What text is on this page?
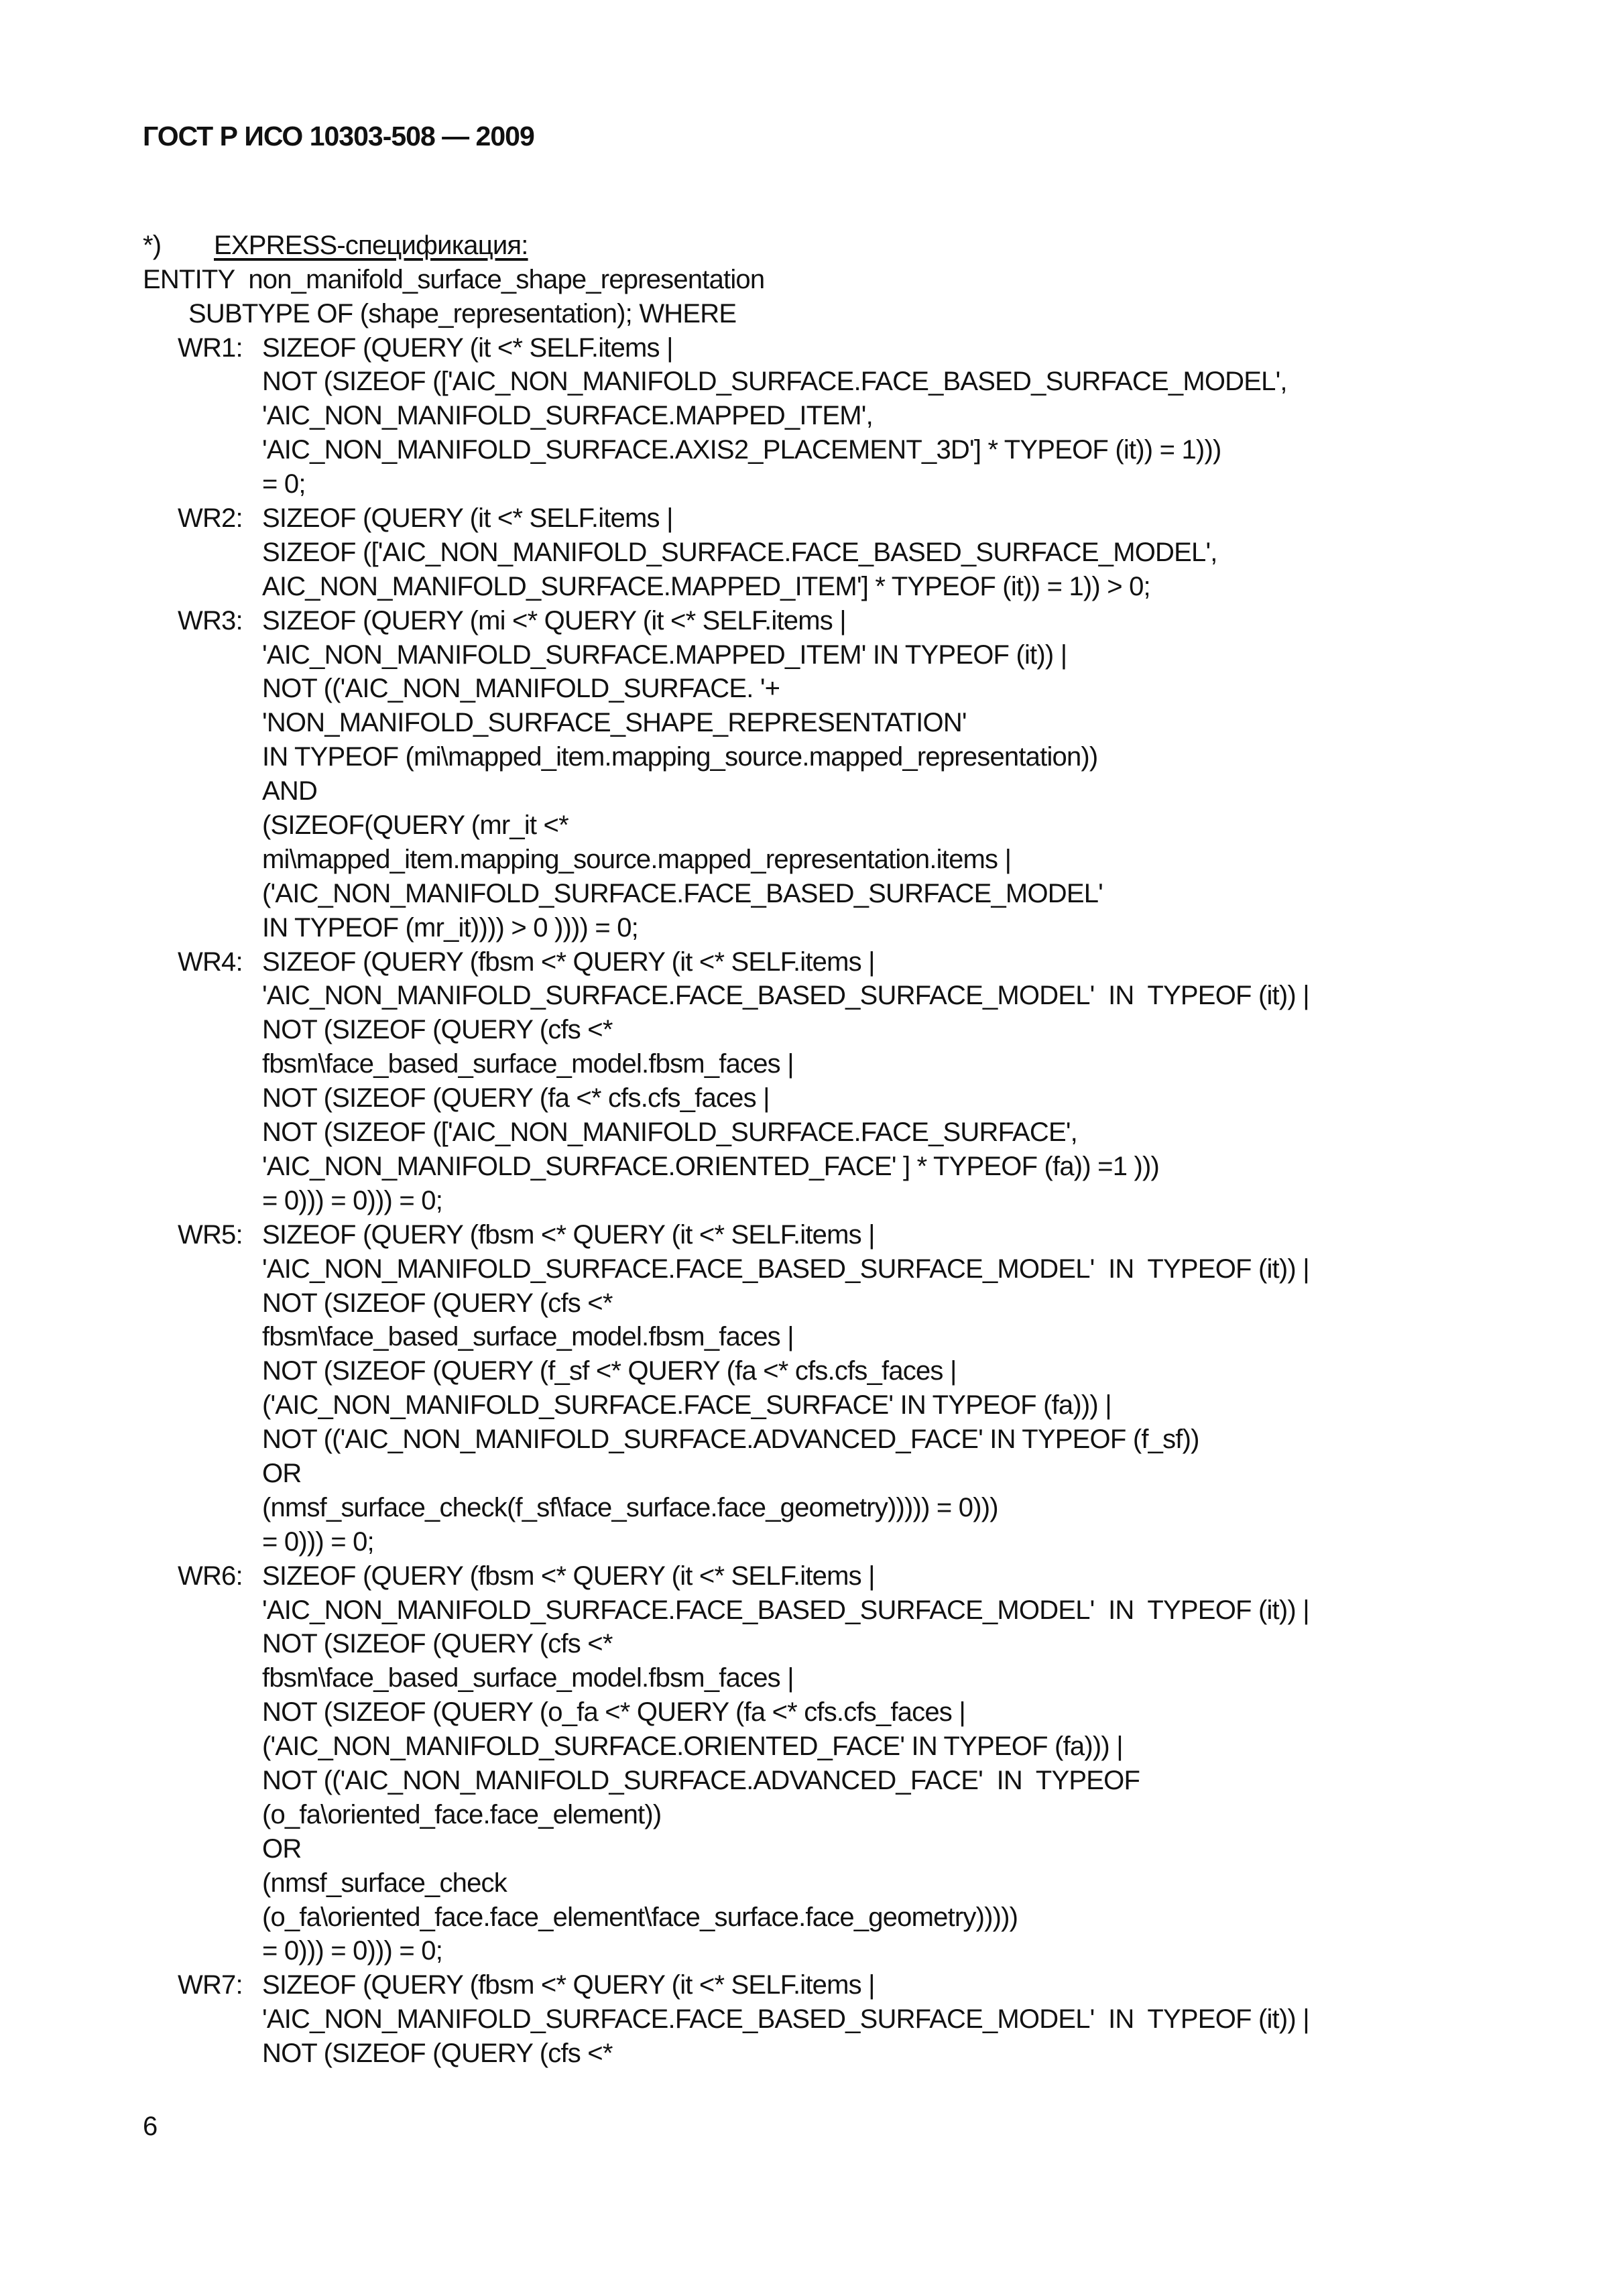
ГОСТ Р ИСО 10303-508 — 2009

EXPRESS-спецификация:

*)
ENTITY  non_manifold_surface_shape_representation
SUBTYPE OF (shape_representation); WHERE
WR1: SIZEOF (QUERY (it <* SELF.items |
NOT (SIZEOF (['AIC_NON_MANIFOLD_SURFACE.FACE_BASED_SURFACE_MODEL',
'AIC_NON_MANIFOLD_SURFACE.MAPPED_ITEM',
'AIC_NON_MANIFOLD_SURFACE.AXIS2_PLACEMENT_3D'] * TYPEOF (it)) = 1)))
= 0;
WR2: SIZEOF (QUERY (it <* SELF.items |
SIZEOF (['AIC_NON_MANIFOLD_SURFACE.FACE_BASED_SURFACE_MODEL',
AIC_NON_MANIFOLD_SURFACE.MAPPED_ITEM'] * TYPEOF (it)) = 1)) > 0;
WR3: SIZEOF (QUERY (mi <* QUERY (it <* SELF.items |
'AIC_NON_MANIFOLD_SURFACE.MAPPED_ITEM' IN TYPEOF (it)) |
NOT (('AIC_NON_MANIFOLD_SURFACE. '+
'NON_MANIFOLD_SURFACE_SHAPE_REPRESENTATION'
IN TYPEOF (mi\mapped_item.mapping_source.mapped_representation))
AND
(SIZEOF(QUERY (mr_it <*
mi\mapped_item.mapping_source.mapped_representation.items |
('AIC_NON_MANIFOLD_SURFACE.FACE_BASED_SURFACE_MODEL'
IN TYPEOF (mr_it)))) > 0 )))) = 0;
WR4: SIZEOF (QUERY (fbsm <* QUERY (it <* SELF.items |
'AIC_NON_MANIFOLD_SURFACE.FACE_BASED_SURFACE_MODEL'  IN  TYPEOF (it)) |
NOT (SIZEOF (QUERY (cfs <*
fbsm\face_based_surface_model.fbsm_faces |
NOT (SIZEOF (QUERY (fa <* cfs.cfs_faces |
NOT (SIZEOF (['AIC_NON_MANIFOLD_SURFACE.FACE_SURFACE',
'AIC_NON_MANIFOLD_SURFACE.ORIENTED_FACE' ] * TYPEOF (fa)) =1 )))
= 0))) = 0))) = 0;
WR5: SIZEOF (QUERY (fbsm <* QUERY (it <* SELF.items |
'AIC_NON_MANIFOLD_SURFACE.FACE_BASED_SURFACE_MODEL'  IN  TYPEOF (it)) |
NOT (SIZEOF (QUERY (cfs <*
fbsm\face_based_surface_model.fbsm_faces |
NOT (SIZEOF (QUERY (f_sf <* QUERY (fa <* cfs.cfs_faces |
('AIC_NON_MANIFOLD_SURFACE.FACE_SURFACE' IN TYPEOF (fa))) |
NOT (('AIC_NON_MANIFOLD_SURFACE.ADVANCED_FACE' IN TYPEOF (f_sf))
OR
(nmsf_surface_check(f_sf\face_surface.face_geometry))))) = 0)))
= 0))) = 0;
WR6: SIZEOF (QUERY (fbsm <* QUERY (it <* SELF.items |
'AIC_NON_MANIFOLD_SURFACE.FACE_BASED_SURFACE_MODEL'  IN  TYPEOF (it)) |
NOT (SIZEOF (QUERY (cfs <*
fbsm\face_based_surface_model.fbsm_faces |
NOT (SIZEOF (QUERY (o_fa <* QUERY (fa <* cfs.cfs_faces |
('AIC_NON_MANIFOLD_SURFACE.ORIENTED_FACE' IN TYPEOF (fa))) |
NOT (('AIC_NON_MANIFOLD_SURFACE.ADVANCED_FACE'  IN  TYPEOF
(o_fa\oriented_face.face_element))
OR
(nmsf_surface_check
(o_fa\oriented_face.face_element\face_surface.face_geometry)))))
= 0))) = 0))) = 0;
WR7: SIZEOF (QUERY (fbsm <* QUERY (it <* SELF.items |
'AIC_NON_MANIFOLD_SURFACE.FACE_BASED_SURFACE_MODEL'  IN  TYPEOF (it)) |
NOT (SIZEOF (QUERY (cfs <*
6
